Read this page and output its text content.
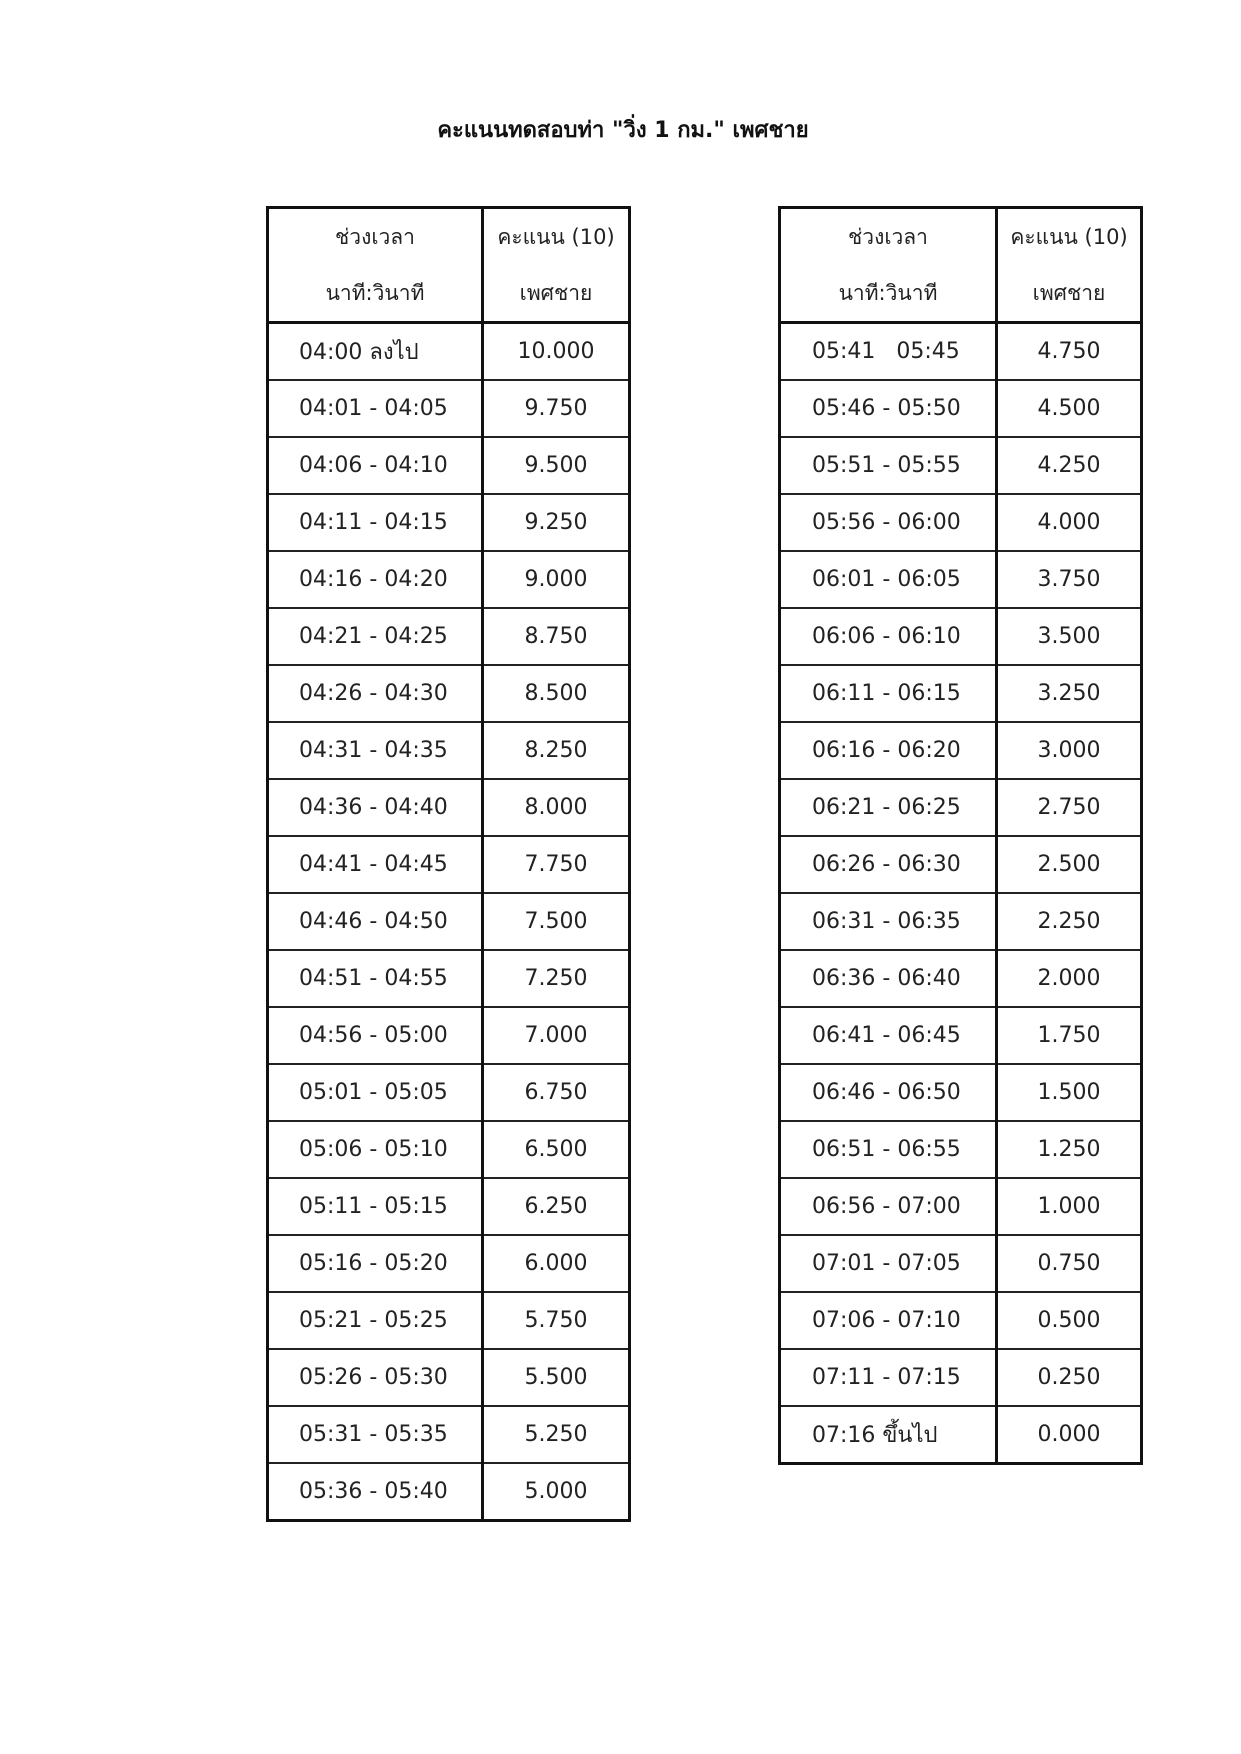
คะแนนทดสอบท่า "วิ่ง 1 กม." เพศชาย
ช่วงเวลา
นาที:วินาที	คะแนน (10)
เพศชาย

04:00 ลงไป	10.000
04:01 - 04:05	9.750
04:06 - 04:10	9.500
04:11 - 04:15	9.250
04:16 - 04:20	9.000
04:21 - 04:25	8.750
04:26 - 04:30	8.500
04:31 - 04:35	8.250
04:36 - 04:40	8.000
04:41 - 04:45	7.750
04:46 - 04:50	7.500
04:51 - 04:55	7.250
04:56 - 05:00	7.000
05:01 - 05:05	6.750
05:06 - 05:10	6.500
05:11 - 05:15	6.250
05:16 - 05:20	6.000
05:21 - 05:25	5.750
05:26 - 05:30	5.500
05:31 - 05:35	5.250
05:36 - 05:40	5.000
ช่วงเวลา
นาที:วินาที	คะแนน (10)
เพศชาย

05:41   05:45	4.750
05:46 - 05:50	4.500
05:51 - 05:55	4.250
05:56 - 06:00	4.000
06:01 - 06:05	3.750
06:06 - 06:10	3.500
06:11 - 06:15	3.250
06:16 - 06:20	3.000
06:21 - 06:25	2.750
06:26 - 06:30	2.500
06:31 - 06:35	2.250
06:36 - 06:40	2.000
06:41 - 06:45	1.750
06:46 - 06:50	1.500
06:51 - 06:55	1.250
06:56 - 07:00	1.000
07:01 - 07:05	0.750
07:06 - 07:10	0.500
07:11 - 07:15	0.250
07:16 ขึ้นไป	0.000
